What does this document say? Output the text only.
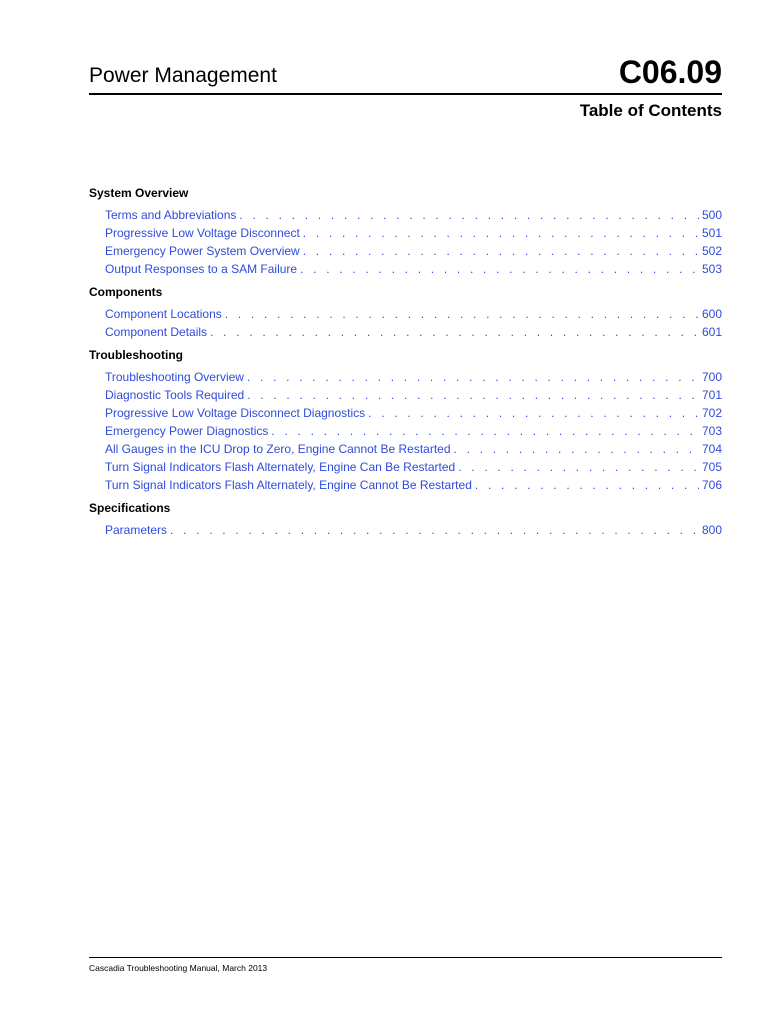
Power Management	C06.09
Table of Contents
System Overview
Terms and Abbreviations . . .	500
Progressive Low Voltage Disconnect . . .	501
Emergency Power System Overview . . .	502
Output Responses to a SAM Failure . . .	503
Components
Component Locations . . .	600
Component Details . . .	601
Troubleshooting
Troubleshooting Overview . . .	700
Diagnostic Tools Required . . .	701
Progressive Low Voltage Disconnect Diagnostics . . .	702
Emergency Power Diagnostics . . .	703
All Gauges in the ICU Drop to Zero, Engine Cannot Be Restarted . . .	704
Turn Signal Indicators Flash Alternately, Engine Can Be Restarted . . .	705
Turn Signal Indicators Flash Alternately, Engine Cannot Be Restarted . . .	706
Specifications
Parameters . . .	800
Cascadia Troubleshooting Manual, March 2013
